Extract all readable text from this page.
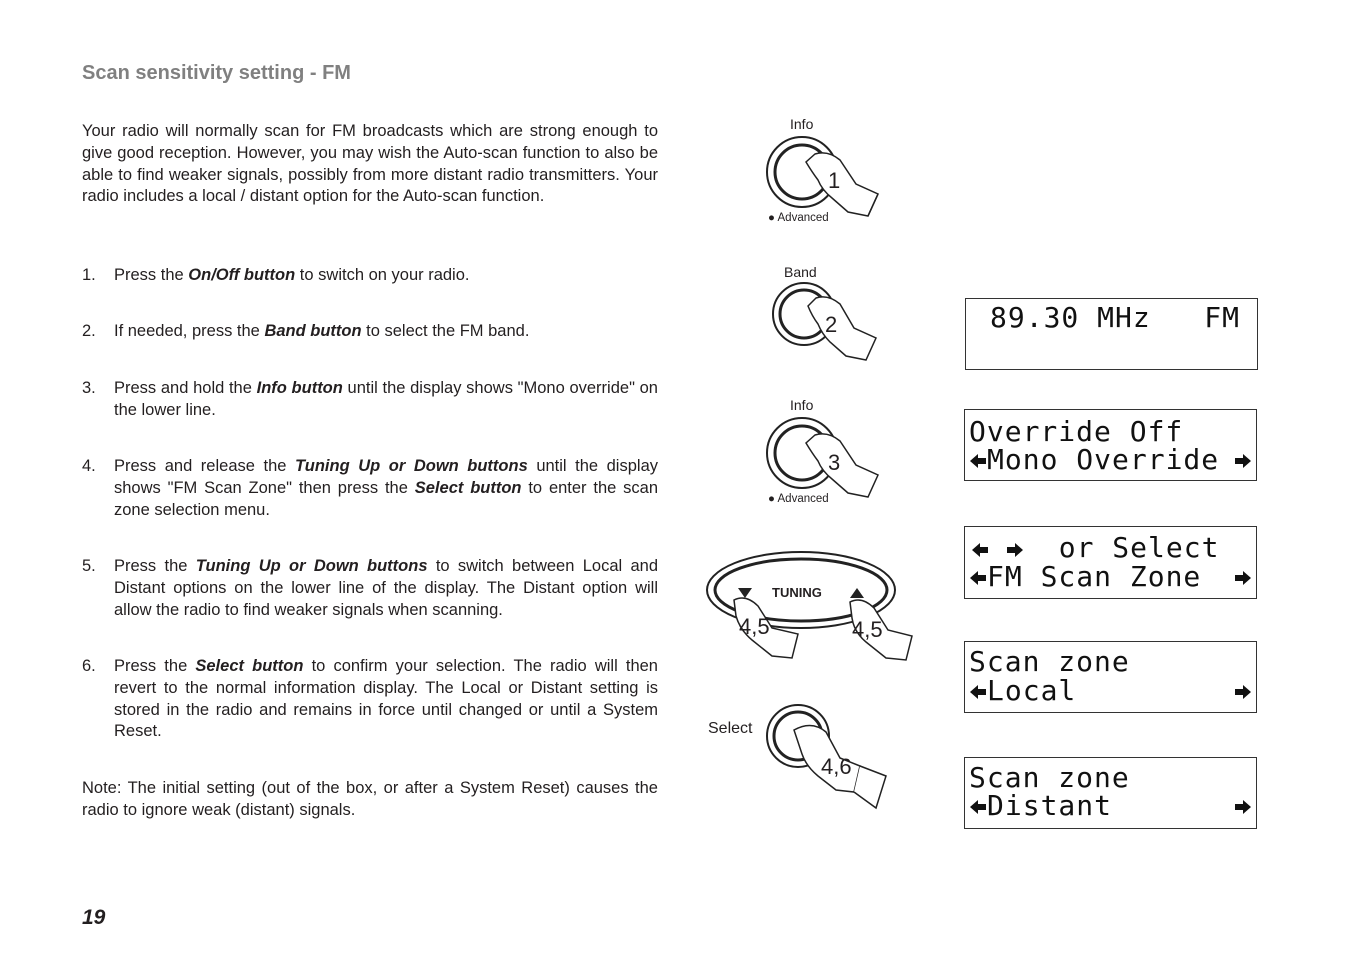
Scan sensitivity setting - FM
Your radio will normally scan for FM broadcasts which are strong enough to give good reception. However, you may wish the Auto-scan function to also be able to find weaker signals, possibly from more distant radio transmitters. Your radio includes a local / distant option for the Auto-scan function.
1. Press the On/Off button to switch on your radio.
2. If needed, press the Band button to select the FM band.
3. Press and hold the Info button until the display shows "Mono override" on the lower line.
4. Press and release the Tuning Up or Down buttons until the display shows "FM Scan Zone" then press the Select button to enter the scan zone selection menu.
5. Press the Tuning Up or Down buttons to switch between Local and Distant options on the lower line of the display. The Distant option will allow the radio to find weaker signals when scanning.
6. Press the Select button to confirm your selection. The radio will then revert to the normal information display. The Local or Distant setting is stored in the radio and remains in force until changed or until a System Reset.
Note: The initial setting (out of the box, or after a System Reset) causes the radio to ignore weak (distant) signals.
19
Info
1
● Advanced
Band
2
Info
3
● Advanced
TUNING
4,5	4,5
Select
4,6
89.30 MHz   FM
Override Off
Mono Override
or Select
FM Scan Zone
Scan zone
Local
Scan zone
Distant
